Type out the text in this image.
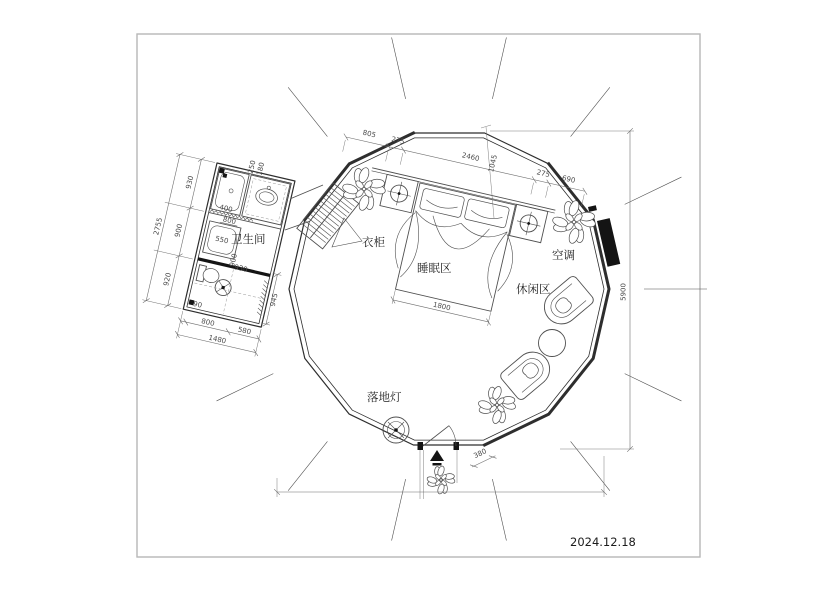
930
900
920
2755
800
580
1480
945
550
400
800
900
930
90
250
180
1800
805
275
2460
275
690
1045
5900
380
卫生间	衣柜
睡眠区
休闲区
空调
落地灯
2024.12.18
